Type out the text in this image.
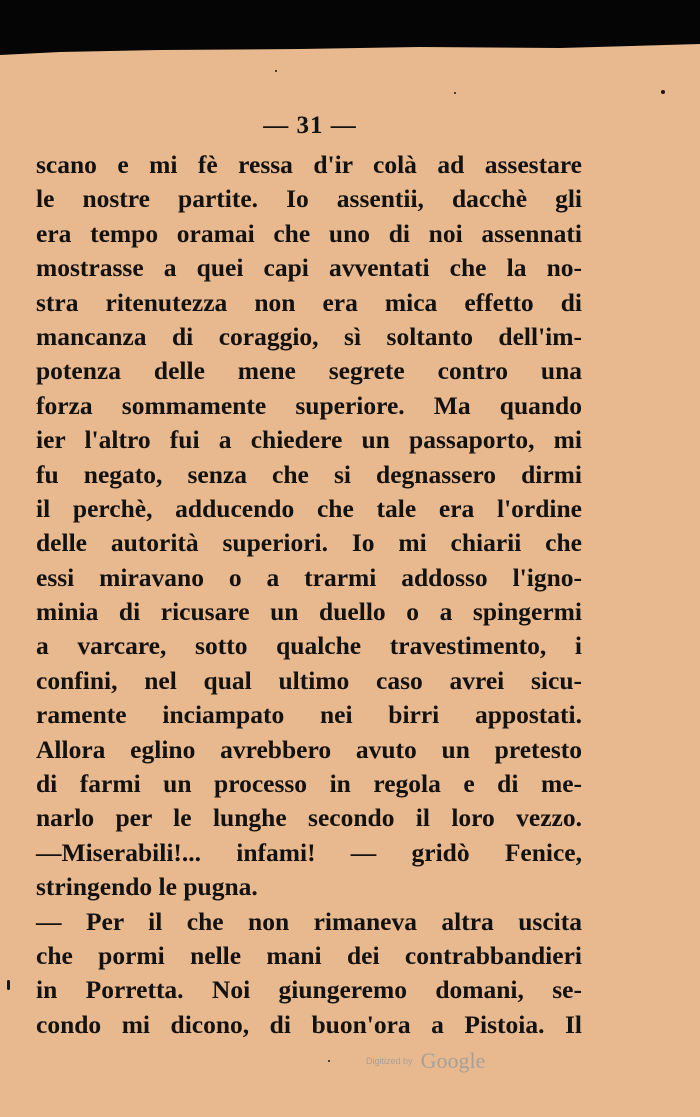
— 31 —
scano e mi fè ressa d'ir colà ad assestare
le nostre partite. Io assentii, dacchè gli
era tempo oramai che uno di noi assennati
mostrasse a quei capi avventati che la no-
stra ritenutezza non era mica effetto di
mancanza di coraggio, sì soltanto dell'im-
potenza delle mene segrete contro una
forza sommamente superiore. Ma quando
ier l'altro fui a chiedere un passaporto, mi
fu negato, senza che si degnassero dirmi
il perchè, adducendo che tale era l'ordine
delle autorità superiori. Io mi chiarii che
essi miravano o a trarmi addosso l'igno-
minia di ricusare un duello o a spingermi
a varcare, sotto qualche travestimento, i
confini, nel qual ultimo caso avrei sicu-
ramente inciampato nei birri appostati.
Allora eglino avrebbero avuto un pretesto
di farmi un processo in regola e di me-
narlo per le lunghe secondo il loro vezzo.
—Miserabili!... infami! — gridò Fenice,
stringendo le pugna.
— Per il che non rimaneva altra uscita
che pormi nelle mani dei contrabbandieri
in Porretta. Noi giungeremo domani, se-
condo mi dicono, di buon'ora a Pistoia. Il
Digitized by Google
